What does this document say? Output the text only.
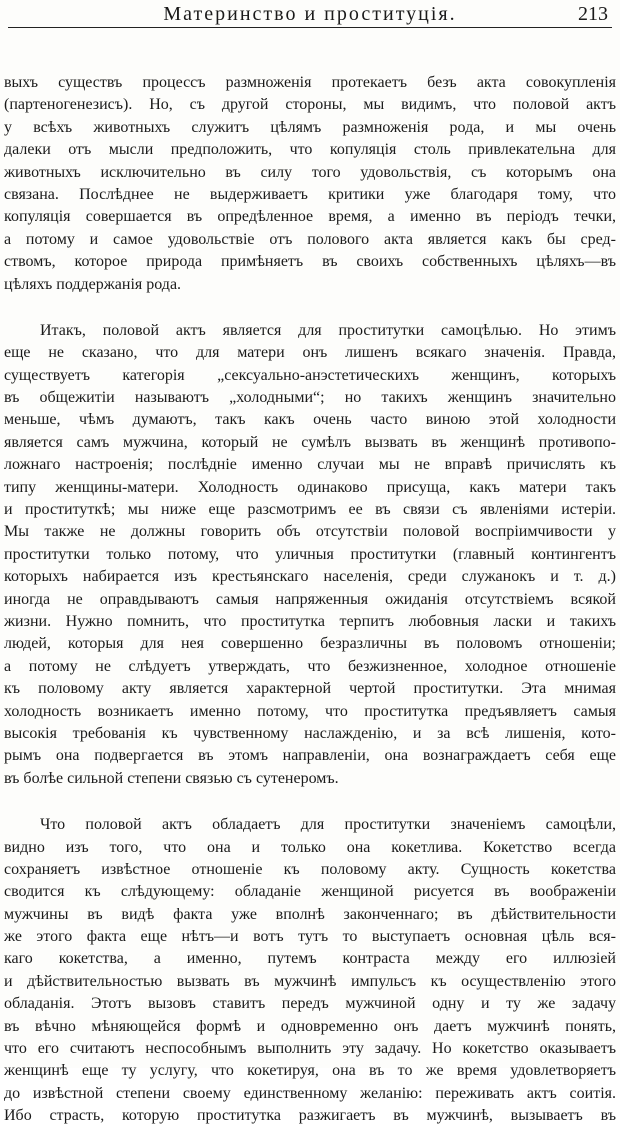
Материнство и проституція.	213
выхъ существъ процессъ размноженія протекаетъ безъ акта совокупленія
(партеногенезисъ). Но, съ другой стороны, мы видимъ, что половой актъ
у всѣхъ животныхъ служитъ цѣлямъ размноженія рода, и мы очень
далеки отъ мысли предположить, что копуляція столь привлекательна для
животныхъ исключительно въ силу того удовольствія, съ которымъ она
связана. Послѣднее не выдерживаетъ критики уже благодаря тому, что
копуляція совершается въ опредѣленное время, а именно въ періодъ течки,
а потому и самое удовольствіе отъ полового акта является какъ бы сред-
ствомъ, которое природа примѣняетъ въ своихъ собственныхъ цѣляхъ—въ
цѣляхъ поддержанія рода.
Итакъ, половой актъ является для проститутки самоцѣлью. Но этимъ
еще не сказано, что для матери онъ лишенъ всякаго значенія. Правда,
существуетъ категорія „сексуально-анэстетическихъ женщинъ, которыхъ
въ общежитіи называютъ „холодными“; но такихъ женщинъ значительно
меньше, чѣмъ думаютъ, такъ какъ очень часто виною этой холодности
является самъ мужчина, который не сумѣлъ вызвать въ женщинѣ противопо-
ложнаго настроенія; послѣдніе именно случаи мы не вправѣ причислять къ
типу женщины-матери. Холодность одинаково присуща, какъ матери такъ
и проституткѣ; мы ниже еще разсмотримъ ее въ связи съ явленіями истеріи.
Мы также не должны говорить объ отсутствіи половой воспріимчивости у
проститутки только потому, что уличныя проститутки (главный контингентъ
которыхъ набирается изъ крестьянскаго населенія, среди служанокъ и т. д.)
иногда не оправдываютъ самыя напряженныя ожиданія отсутствіемъ всякой
жизни. Нужно помнить, что проститутка терпитъ любовныя ласки и такихъ
людей, которыя для нея совершенно безразличны въ половомъ отношеніи;
а потому не слѣдуетъ утверждать, что безжизненное, холодное отношеніе
къ половому акту является характерной чертой проститутки. Эта мнимая
холодность возникаетъ именно потому, что проститутка предъявляетъ самыя
высокія требованія къ чувственному наслажденію, и за всѣ лишенія, кото-
рымъ она подвергается въ этомъ направленіи, она вознаграждаетъ себя еще
въ болѣе сильной степени связью съ сутенеромъ.
Что половой актъ обладаетъ для проститутки значеніемъ самоцѣли,
видно изъ того, что она и только она кокетлива. Кокетство всегда
сохраняетъ извѣстное отношеніе къ половому акту. Сущность кокетства
сводится къ слѣдующему: обладаніе женщиной рисуется въ воображеніи
мужчины въ видѣ факта уже вполнѣ законченнаго; въ дѣйствительности
же этого факта еще нѣтъ—и вотъ тутъ то выступаетъ основная цѣль вся-
каго кокетства, а именно, путемъ контраста между его иллюзіей
и дѣйствительностью вызвать въ мужчинѣ импульсъ къ осуществленію этого
обладанія. Этотъ вызовъ ставитъ передъ мужчиной одну и ту же задачу
въ вѣчно мѣняющейся формѣ и одновременно онъ даетъ мужчинѣ понять,
что его считаютъ неспособнымъ выполнить эту задачу. Но кокетство оказываетъ
женщинѣ еще ту услугу, что кокетируя, она въ то же время удовлетворяетъ
до извѣстной степени своему единственному желанію: переживать актъ соитія.
Ибо страсть, которую проститутка разжигаетъ въ мужчинѣ, вызываетъ въ
